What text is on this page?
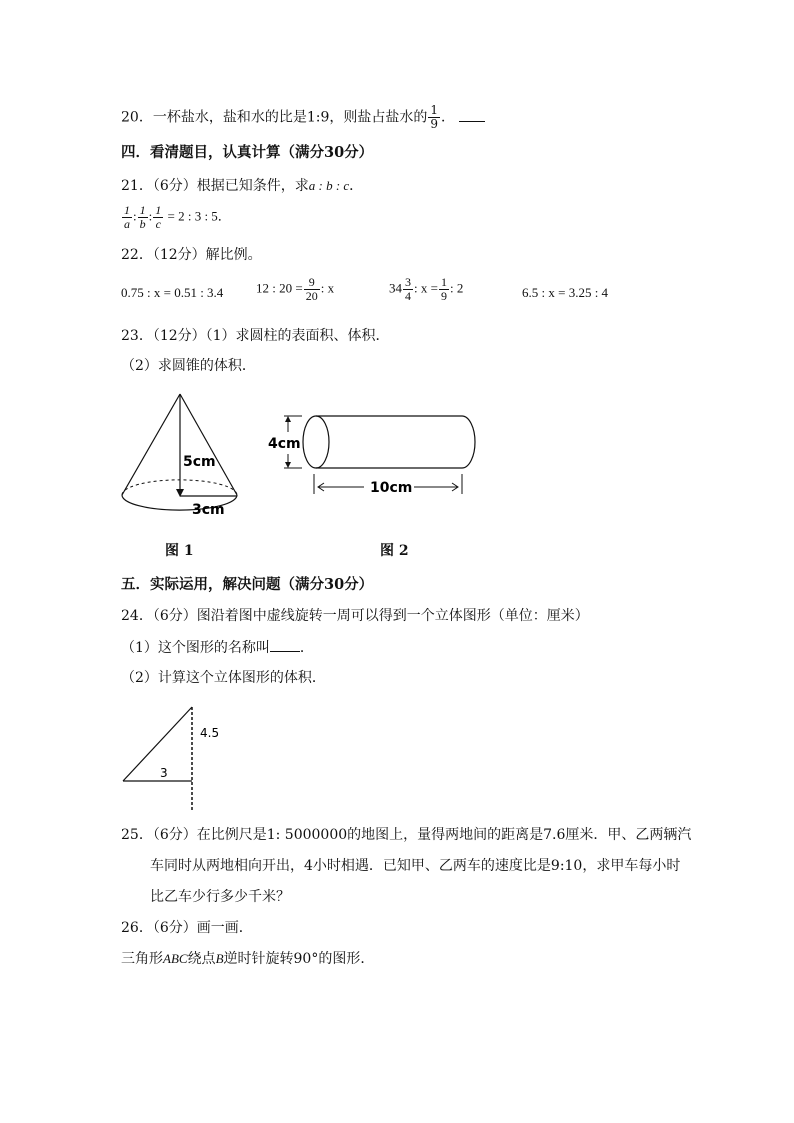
20．一杯盐水，盐和水的比是1:9，则盐占盐水的 $\frac{1}{9}$ ．
四．看清题目，认真计算（满分30分）
21．（6分）根据已知条件，求a : b : c．
$\frac{1}{a}$ : $\frac{1}{b}$ : $\frac{1}{c} = 2$ : 3 : 5．
22．（12分）解比例。
0.75 : x = 0.51 : 3.4	12 : $20 = \frac{9}{20}$ : x	$34 \frac{3}{4}$ : $x = \frac{1}{9}$ : 2	6.5 : x = 3.25 : 4
23．（12分）（1）求圆柱的表面积、体积．
（2）求圆锥的体积．
5cm
3cm
图 1
4cm
10cm
图 2
五．实际运用，解决问题（满分30分）
24．（6分）图沿着图中虚线旋转一周可以得到一个立体图形（单位：厘米）
（1）这个图形的名称叫 ．
（2）计算这个立体图形的体积．
4.5
3
25．（6分）在比例尺是1: 5000000的地图上，量得两地间的距离是7.6厘米．甲、乙两辆汽
车同时从两地相向开出，4小时相遇．已知甲、乙两车的速度比是9:10，求甲车每小时
比乙车少行多少千米？
26．（6分）画一画．
三角形ABC绕点B逆时针旋转90°的图形．
